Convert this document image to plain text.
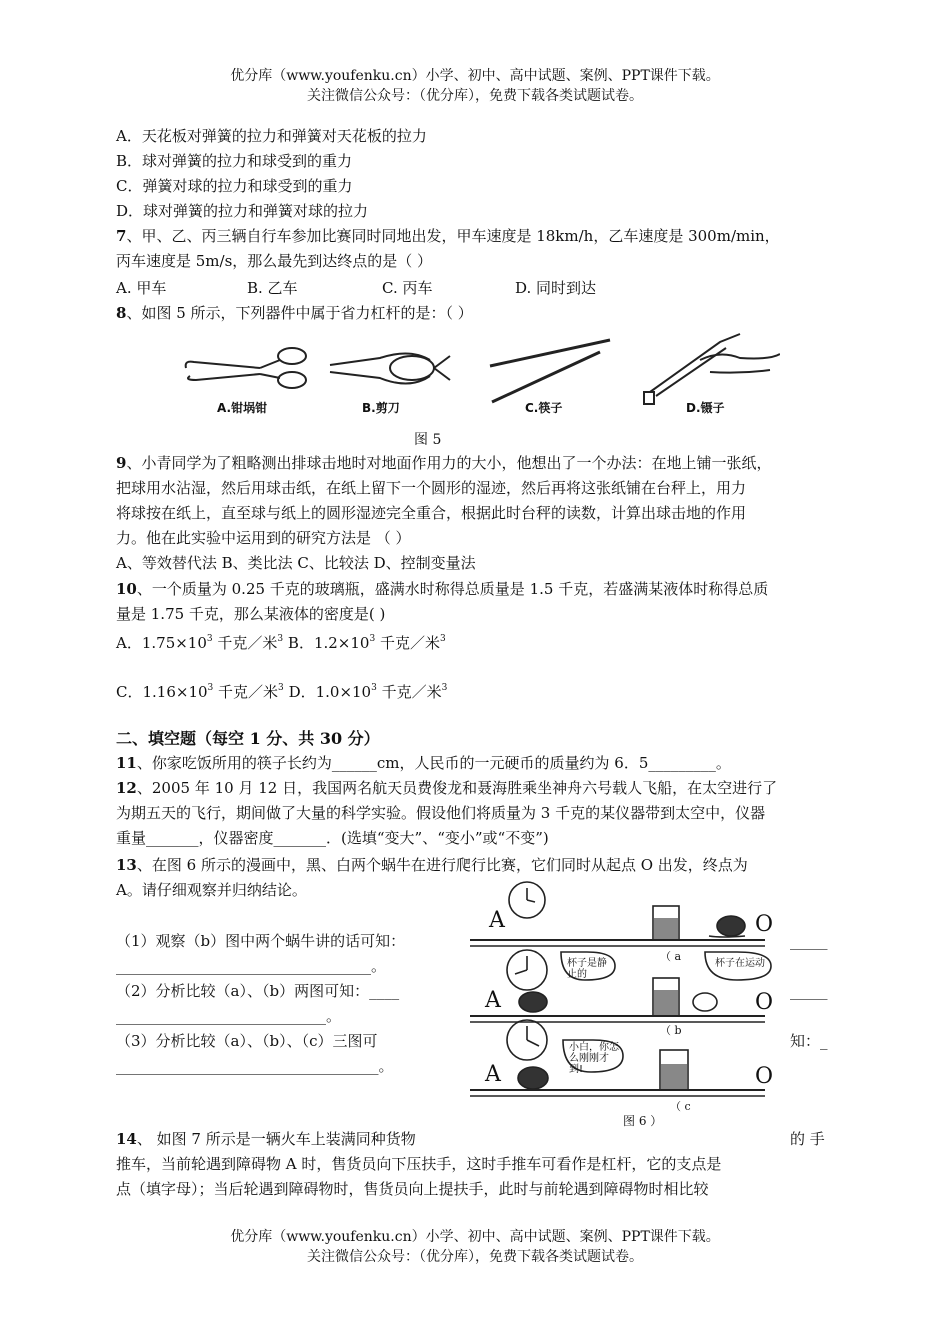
优分库（www.youfenku.cn）小学、初中、高中试题、案例、PPT课件下载。
关注微信公众号：（优分库），免费下载各类试题试卷。
A．天花板对弹簧的拉力和弹簧对天花板的拉力
B．球对弹簧的拉力和球受到的重力
C．弹簧对球的拉力和球受到的重力
D．球对弹簧的拉力和弹簧对球的拉力
7、甲、乙、丙三辆自行车参加比赛同时同地出发，甲车速度是 18km/h，乙车速度是 300m/min，
丙车速度是 5m/s，那么最先到达终点的是（ ）
A. 甲车	B. 乙车	C. 丙车	D. 同时到达
8、如图 5 所示，下列器件中属于省力杠杆的是：（ ）
A.钳埚钳	B.剪刀	C.筷子	D.镊子
图 5
9、小青同学为了粗略测出排球击地时对地面作用力的大小，他想出了一个办法：在地上铺一张纸，
把球用水沾湿，然后用球击纸，在纸上留下一个圆形的湿迹，然后再将这张纸铺在台秤上，用力
将球按在纸上，直至球与纸上的圆形湿迹完全重合，根据此时台秤的读数，计算出球击地的作用
力。他在此实验中运用到的研究方法是 （ ）
A、等效替代法 B、类比法 C、比较法 D、控制变量法
10、一个质量为 0.25 千克的玻璃瓶，盛满水时称得总质量是 1.5 千克，若盛满某液体时称得总质
量是 1.75 千克，那么某液体的密度是( )
A．$1.75\times 10^3$ 千克／米$^3$ B．$1.2\times 10^3$ 千克／米$^3$
C．$1.16\times 10^3$ 千克／米$^3$ D．$1.0\times 10^3$ 千克／米$^3$
二、填空题（每空 1 分、共 30 分）
11、你家吃饭所用的筷子长约为______cm，人民币的一元硬币的质量约为 6．5_________。
12、2005 年 10 月 12 日，我国两名航天员费俊龙和聂海胜乘坐神舟六号载人飞船，在太空进行了
为期五天的飞行，期间做了大量的科学实验。假设他们将质量为 3 千克的某仪器带到太空中，仪器
重量_______，仪器密度_______．(选填“变大”、“变小”或“不变”)
13、在图 6 所示的漫画中，黑、白两个蜗牛在进行爬行比赛，它们同时从起点 O 出发，终点为
A。请仔细观察并归纳结论。
（1）观察（b）图中两个蜗牛讲的话可知：	_____
__________________________________。
（2）分析比较（a）、（b）两图可知：____	_____
____________________________。
（3）分析比较（a）、（b）、（c）三图可	知：_
___________________________________。
A	O
（ a
A	O
杯子是静止的
杯子在运动
（ b
A	O
小白，你怎么刚刚才到!
（ c
图 6 ）
14、 如图 7 所示是一辆火车上装满同种货物	的 手
推车，当前轮遇到障碍物 A 时，售货员向下压扶手，这时手推车可看作是杠杆，它的支点是
点（填字母）；当后轮遇到障碍物时，售货员向上提扶手，此时与前轮遇到障碍物时相比较
优分库（www.youfenku.cn）小学、初中、高中试题、案例、PPT课件下载。
关注微信公众号：（优分库），免费下载各类试题试卷。
